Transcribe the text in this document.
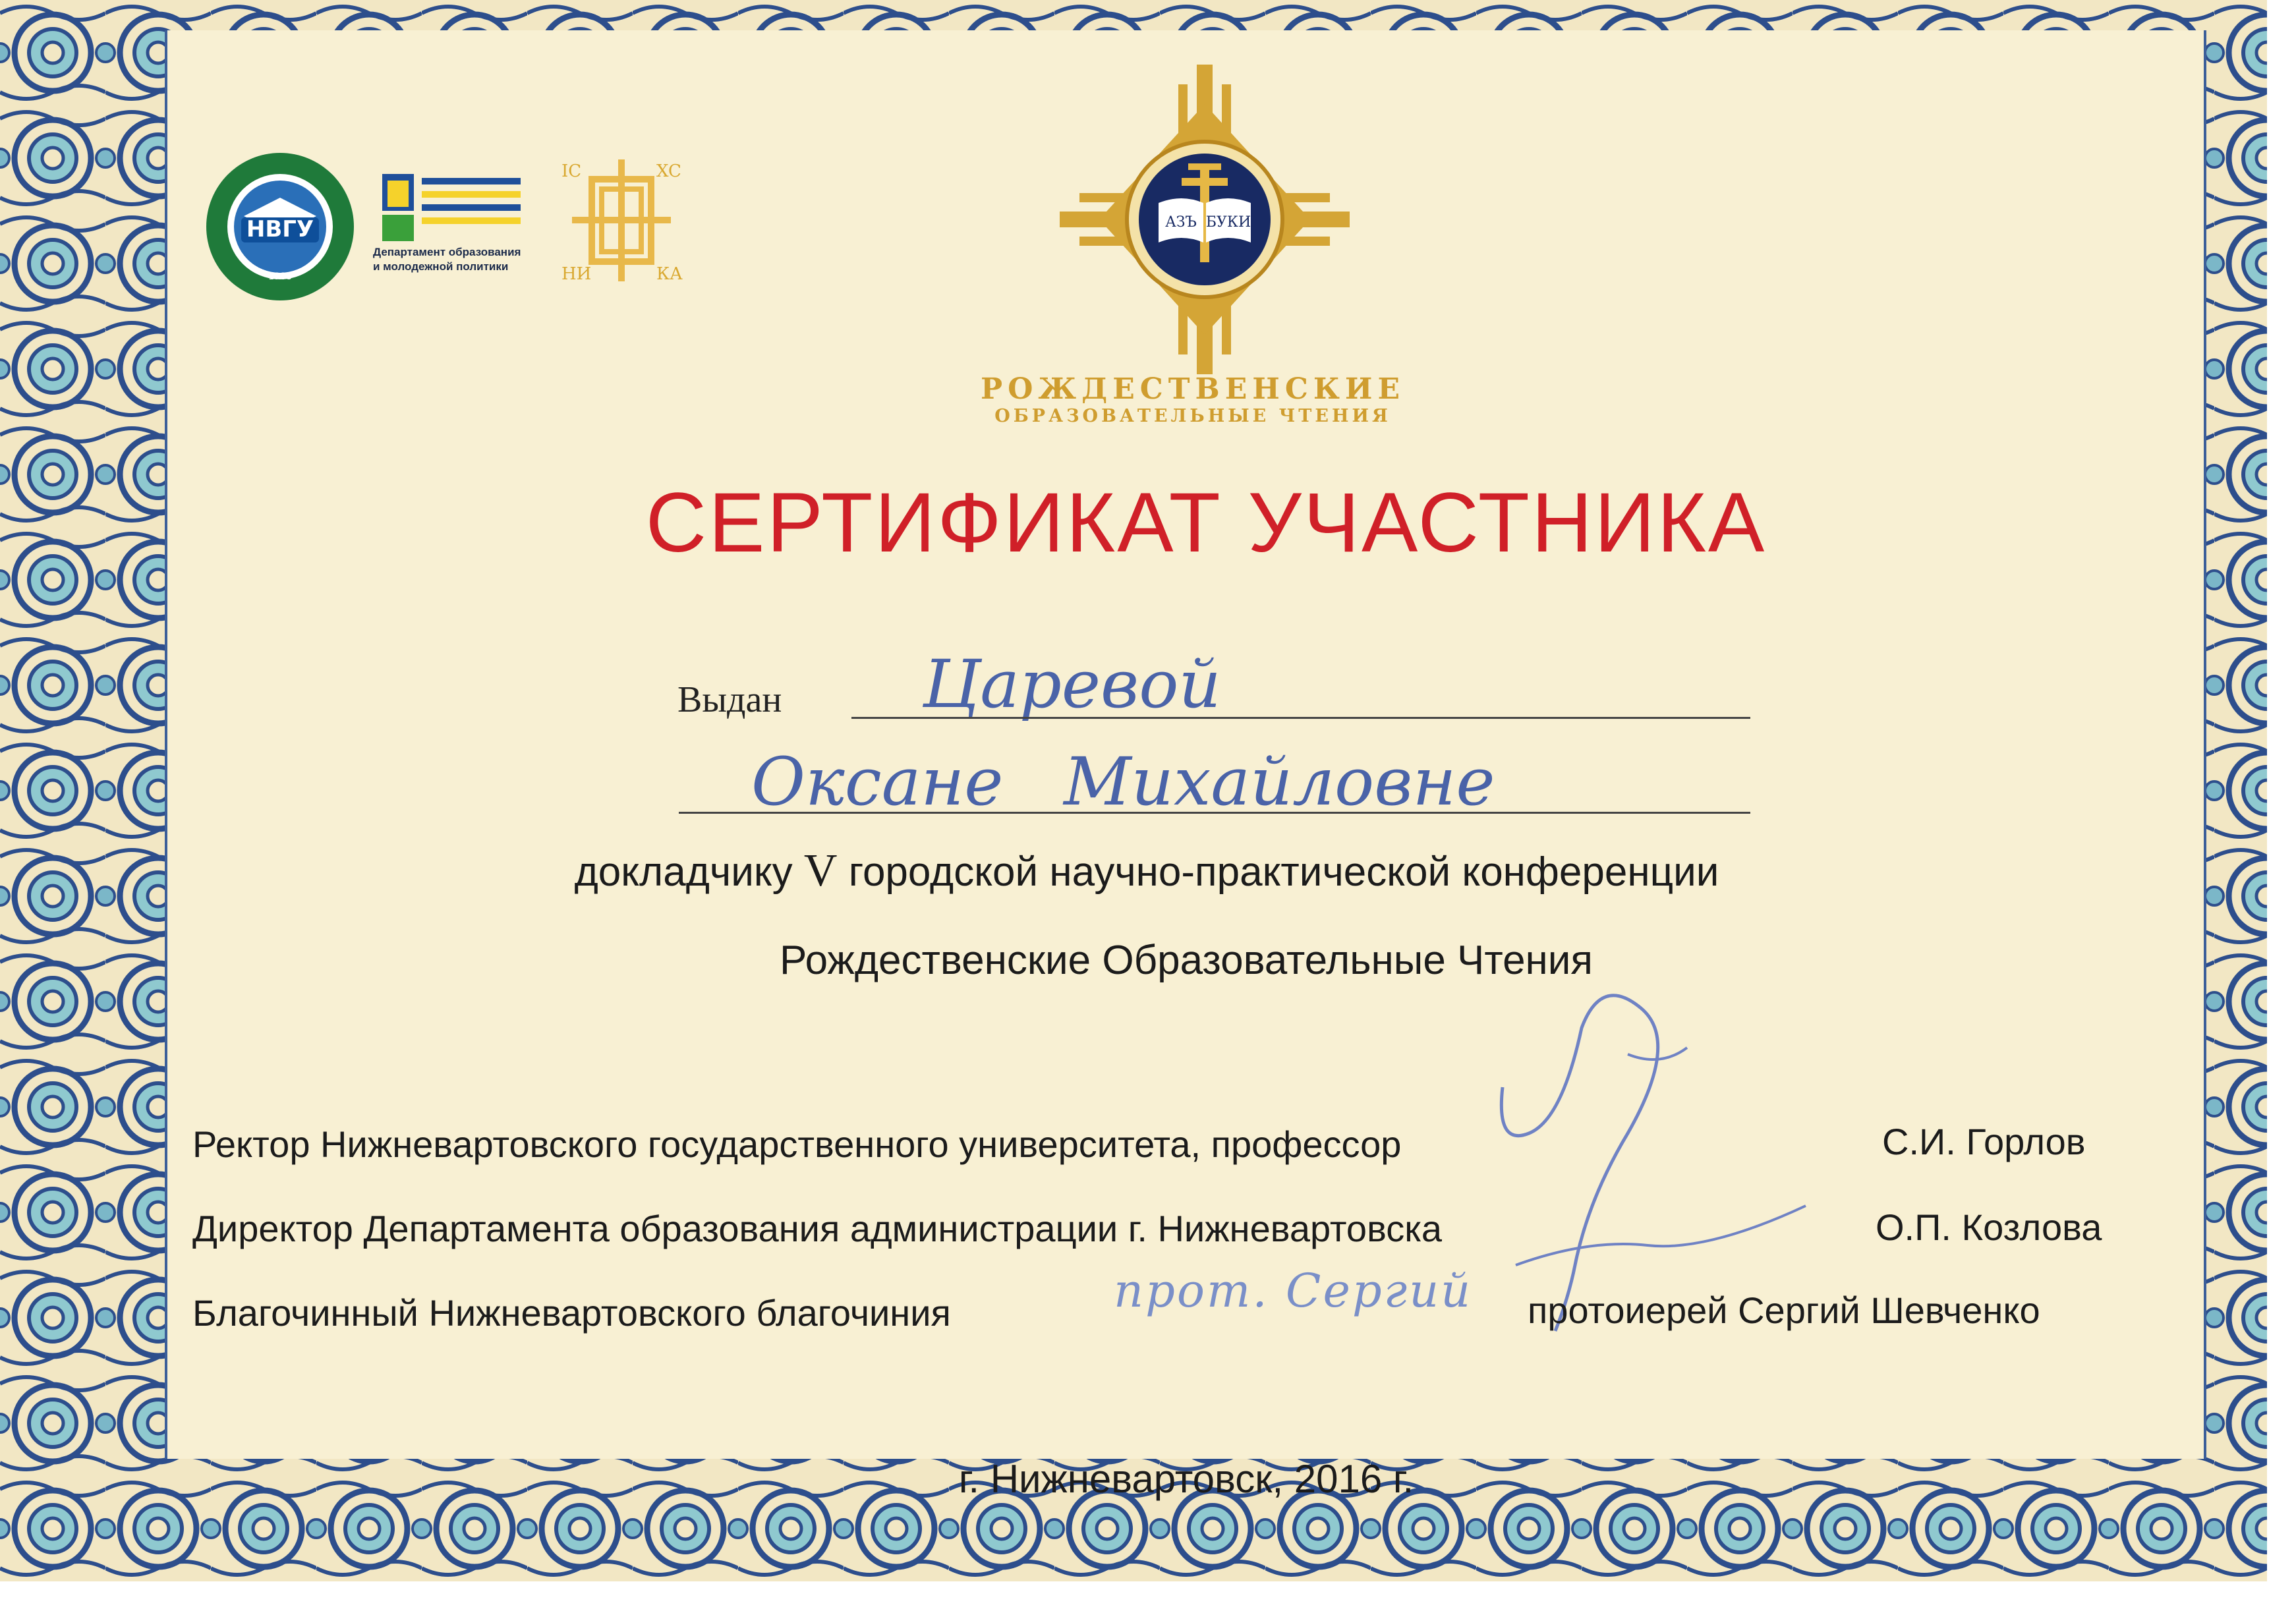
НВГУ
1988
Департамент образования
и молодежной политики
IC	XC
НИ	КА
АЗЪ БУКИ
РОЖДЕСТВЕНСКИЕ
ОБРАЗОВАТЕЛЬНЫЕ ЧТЕНИЯ
СЕРТИФИКАТ УЧАСТНИКА
Выдан Царевой
Оксане Михайловне
докладчику V городской научно-практической конференции
Рождественские Образовательные Чтения
Ректор Нижневартовского государственного университета, профессор	С.И. Горлов
Директор Департамента образования администрации г. Нижневартовска	О.П. Козлова
Благочинный Нижневартовского благочиния	прот. Сергий протоиерей Сергий Шевченко
г. Нижневартовск, 2016 г.
